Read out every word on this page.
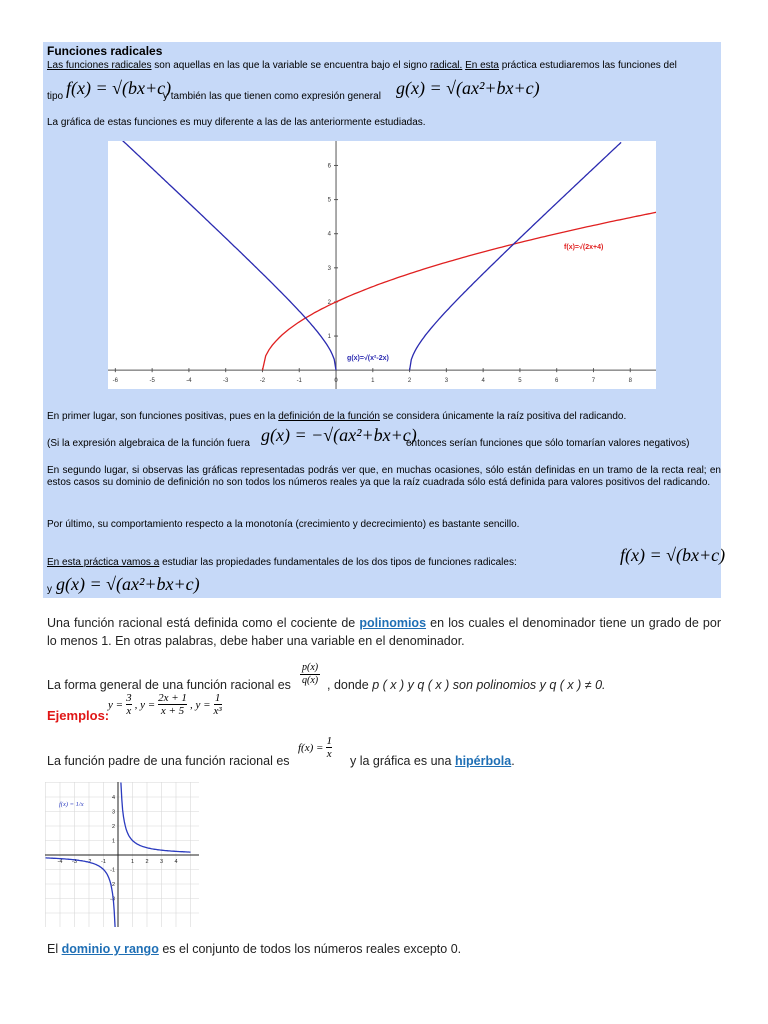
Funciones radicales
Las funciones radicales son aquellas en las que la variable se encuentra bajo el signo radical. En esta práctica estudiaremos las funciones del
tipo f(x) = √(bx+c)
y también las que tienen como expresión general g(x) = √(ax²+bx+c)
La gráfica de estas funciones es muy diferente a las de las anteriormente estudiadas.
-6	-5	-4	-3	-2	-1	0	1	2	3	4	5	6	7	8
1
2
3
4
5
6
f(x)=√(2x+4)
g(x)=√(x²-2x)
En primer lugar, son funciones positivas, pues en la definición de la función se considera únicamente la raíz positiva del radicando.
(Si la expresión algebraica de la función fuera g(x) = −√(ax²+bx+c)
entonces serían funciones que sólo tomarían valores negativos)
En segundo lugar, si observas las gráficas representadas podrás ver que, en muchas ocasiones, sólo están definidas en un tramo de la recta real; en estos casos su dominio de definición no son todos los números reales ya que la raíz cuadrada sólo está definida para valores positivos del radicando.
Por último, su comportamiento respecto a la monotonía (crecimiento y decrecimiento) es bastante sencillo.
En esta práctica vamos a estudiar las propiedades fundamentales de los dos tipos de funciones radicales:	f(x) = √(bx+c)
y g(x) = √(ax²+bx+c)
Una función racional está definida como el cociente de polinomios en los cuales el denominador tiene un grado de por lo menos 1. En otras palabras, debe haber una variable en el denominador.
La forma general de una función racional es $\frac{p(x)}{q(x)}$ , donde p ( x ) y q ( x ) son polinomios y q ( x ) ≠ 0.
Ejemplos:
$y = \frac{3}{x}$ , $y = \frac{2x + 1}{x + 5}$ , $y = \frac{1}{\text{x³}}$
La función padre de una función racional es
$f(x) = \frac{1}{x}$
y la gráfica es una hipérbola.
-4 -3 -2 -1	1 2 3 4
-3
-2
-1
1
2
3
4
f(x) = 1/x
El dominio y rango es el conjunto de todos los números reales excepto 0.
